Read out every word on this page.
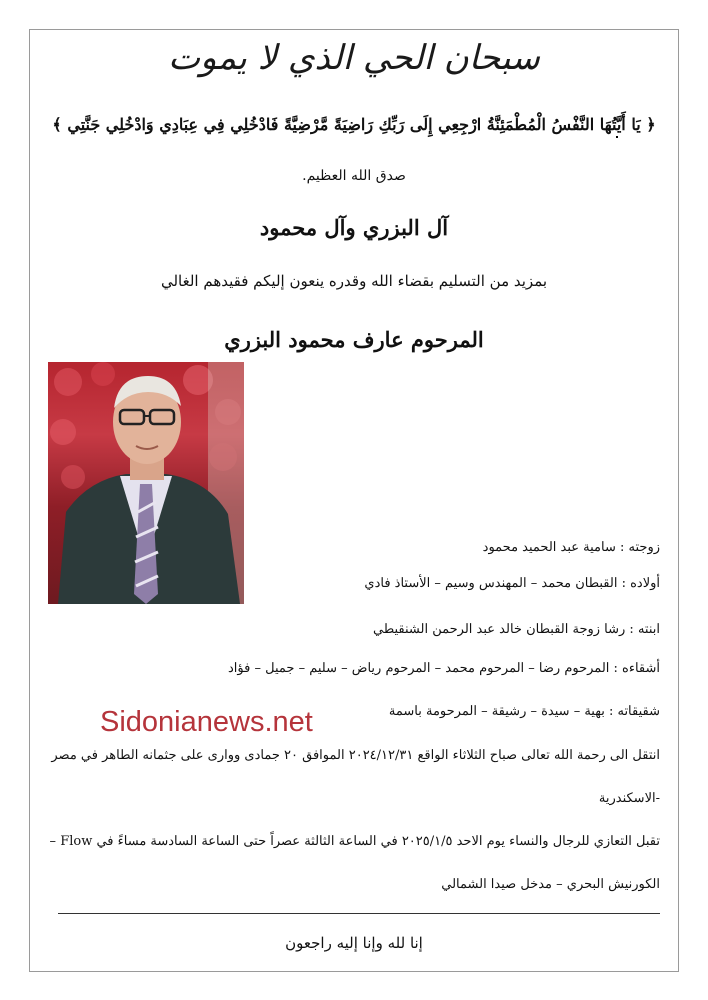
سبحان الحي الذي لا يموت
﴿ يَا أَيَّتُهَا النَّفْسُ الْمُطْمَئِنَّةُ ارْجِعِي إِلَى رَبِّكِ رَاضِيَةً مَّرْضِيَّةً فَادْخُلِي فِي عِبَادِي وَادْخُلِي جَنَّتِي ﴾
صدق الله العظيم.
آل البزري وآل محمود
بمزيد من التسليم بقضاء الله وقدره ينعون إليكم فقيدهم الغالي
المرحوم عارف محمود البزري
زوجته : سامية عبد الحميد محمود
أولاده : القبطان محمد – المهندس وسيم – الأستاذ فادي
ابنته : رشا زوجة القبطان خالد عبد الرحمن الشنقيطي
أشقاءه : المرحوم رضا – المرحوم محمد – المرحوم رياض – سليم – جميل – فؤاد
شقيقاته : بهية – سيدة – رشيقة – المرحومة باسمة
انتقل الى رحمة الله تعالى صباح الثلاثاء الواقع ٢٠٢٤/١٢/٣١ الموافق ٢٠ جمادى ووارى على جثمانه الطاهر في مصر
-الاسكندرية
تقبل التعازي للرجال والنساء يوم الاحد ٢٠٢٥/١/٥ في الساعة الثالثة عصراً حتى الساعة السادسة مساءً في Flow –
الكورنيش البحري – مدخل صيدا الشمالي
Sidonianews.net
إنا لله وإنا إليه راجعون
